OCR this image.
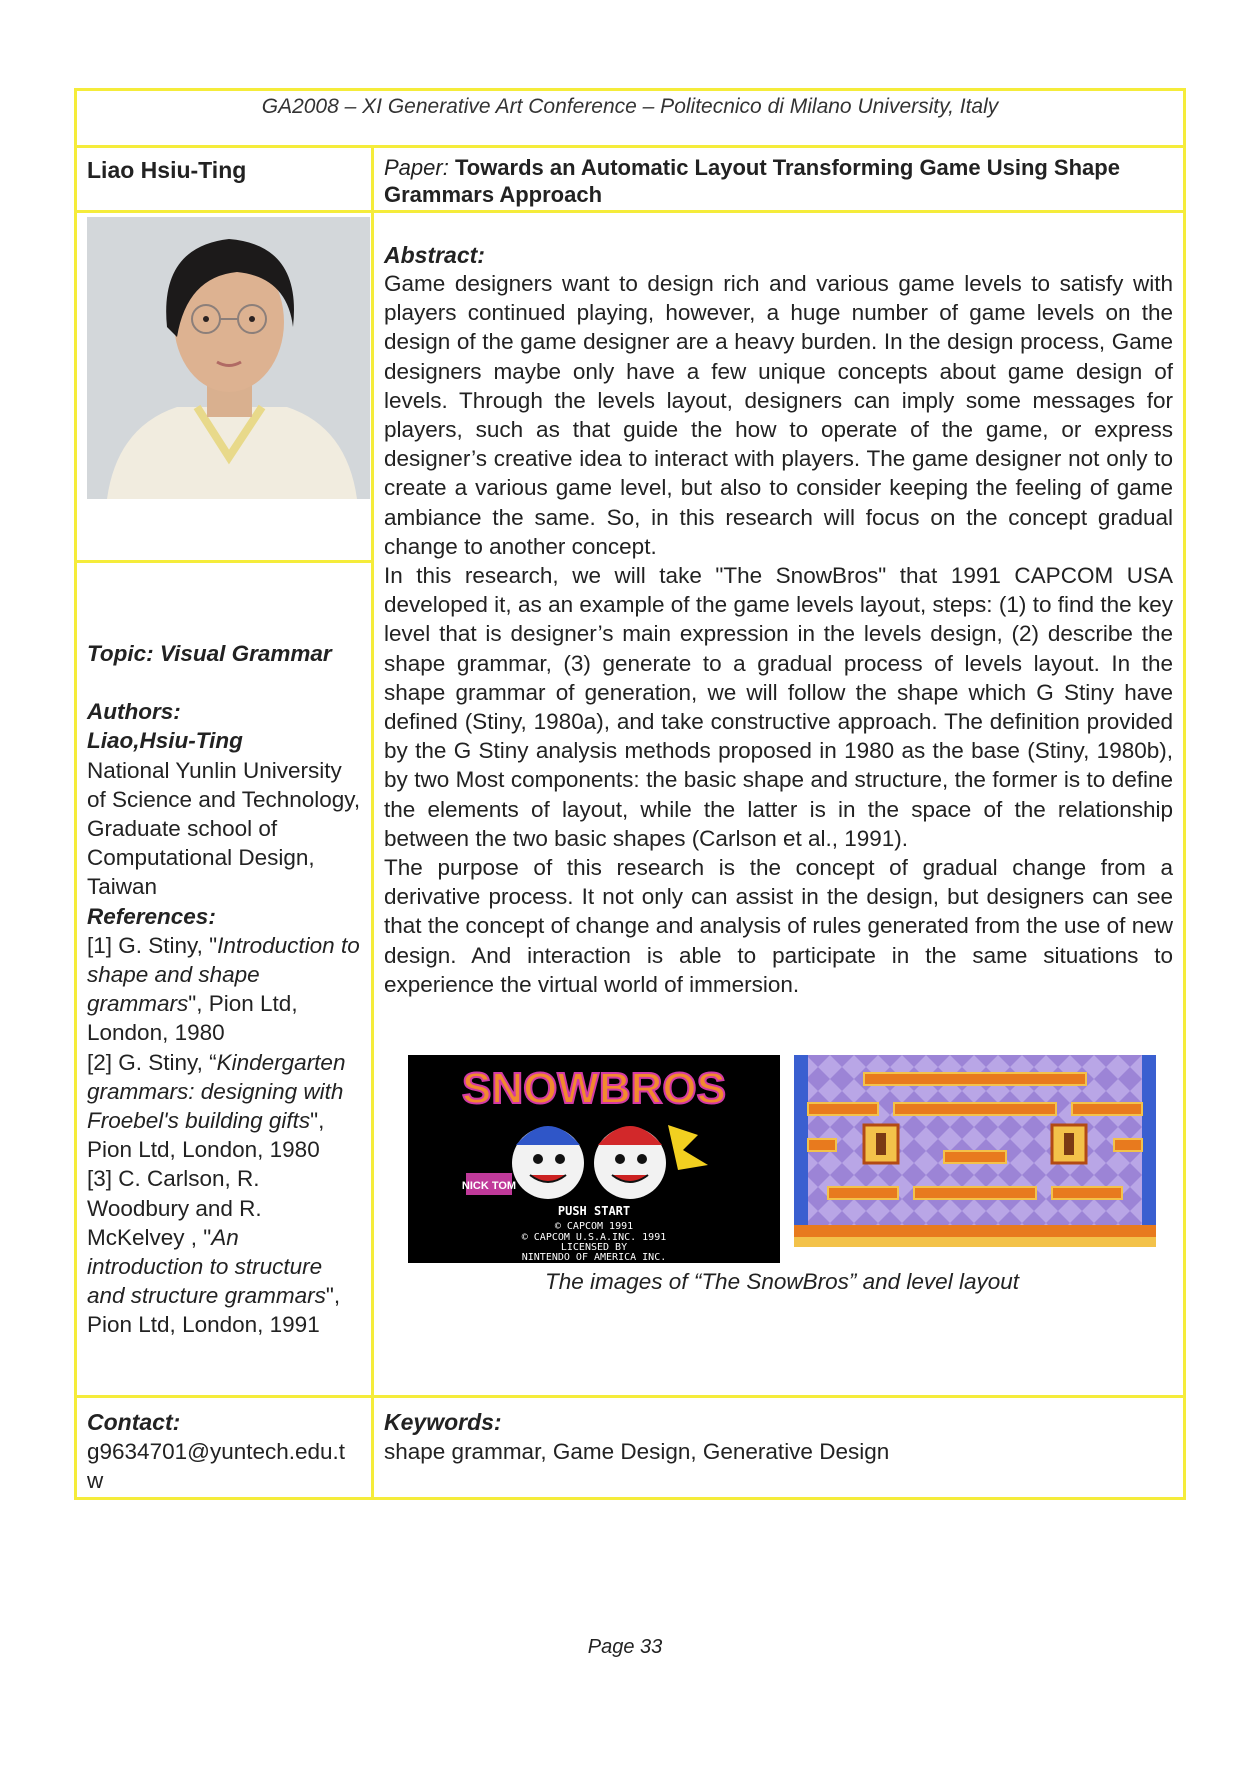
GA2008 – XI Generative Art Conference – Politecnico di Milano University, Italy
Liao Hsiu-Ting	Paper: Towards an Automatic Layout Transforming Game Using Shape Grammars Approach
Topic: Visual Grammar
Authors:
Liao,Hsiu-Ting
National Yunlin University of Science and Technology, Graduate school of Computational Design, Taiwan
References:
[1] G. Stiny, "Introduction to shape and shape grammars", Pion Ltd, London, 1980
[2] G. Stiny, “Kindergarten grammars: designing with Froebel's building gifts", Pion Ltd, London, 1980
[3] C. Carlson, R. Woodbury and R. McKelvey , "An introduction to structure and structure grammars", Pion Ltd, London, 1991
Abstract:

Game designers want to design rich and various game levels to satisfy with players continued playing, however, a huge number of game levels on the design of the game designer are a heavy burden. In the design process, Game designers maybe only have a few unique concepts about game design of levels. Through the levels layout, designers can imply some messages for players, such as that guide the how to operate of the game, or express designer’s creative idea to interact with players. The game designer not only to create a various game level, but also to consider keeping the feeling of game ambiance the same. So, in this research will focus on the concept gradual change to another concept.

In this research, we will take "The SnowBros" that 1991 CAPCOM USA developed it, as an example of the game levels layout, steps: (1) to find the key level that is designer’s main expression in the levels design, (2) describe the shape grammar, (3) generate to a gradual process of levels layout. In the shape grammar of generation, we will follow the shape which G Stiny have defined (Stiny, 1980a), and take constructive approach. The definition provided by the G Stiny analysis methods proposed in 1980 as the base (Stiny, 1980b), by two Most components: the basic shape and structure, the former is to define the elements of layout, while the latter is in the space of the relationship between the two basic shapes (Carlson et al., 1991).

The purpose of this research is the concept of gradual change from a derivative process. It not only can assist in the design, but designers can see that the concept of change and analysis of rules generated from the use of new design. And interaction is able to participate in the same situations to experience the virtual world of immersion.

SNOWBROS
NICK TOM
PUSH START
© CAPCOM 1991
© CAPCOM U.S.A.INC. 1991
LICENSED BY
NINTENDO OF AMERICA INC.
The images of “The SnowBros” and level layout
Contact:
g9634701@yuntech.edu.tw
Keywords:
shape grammar, Game Design, Generative Design
Page 33
